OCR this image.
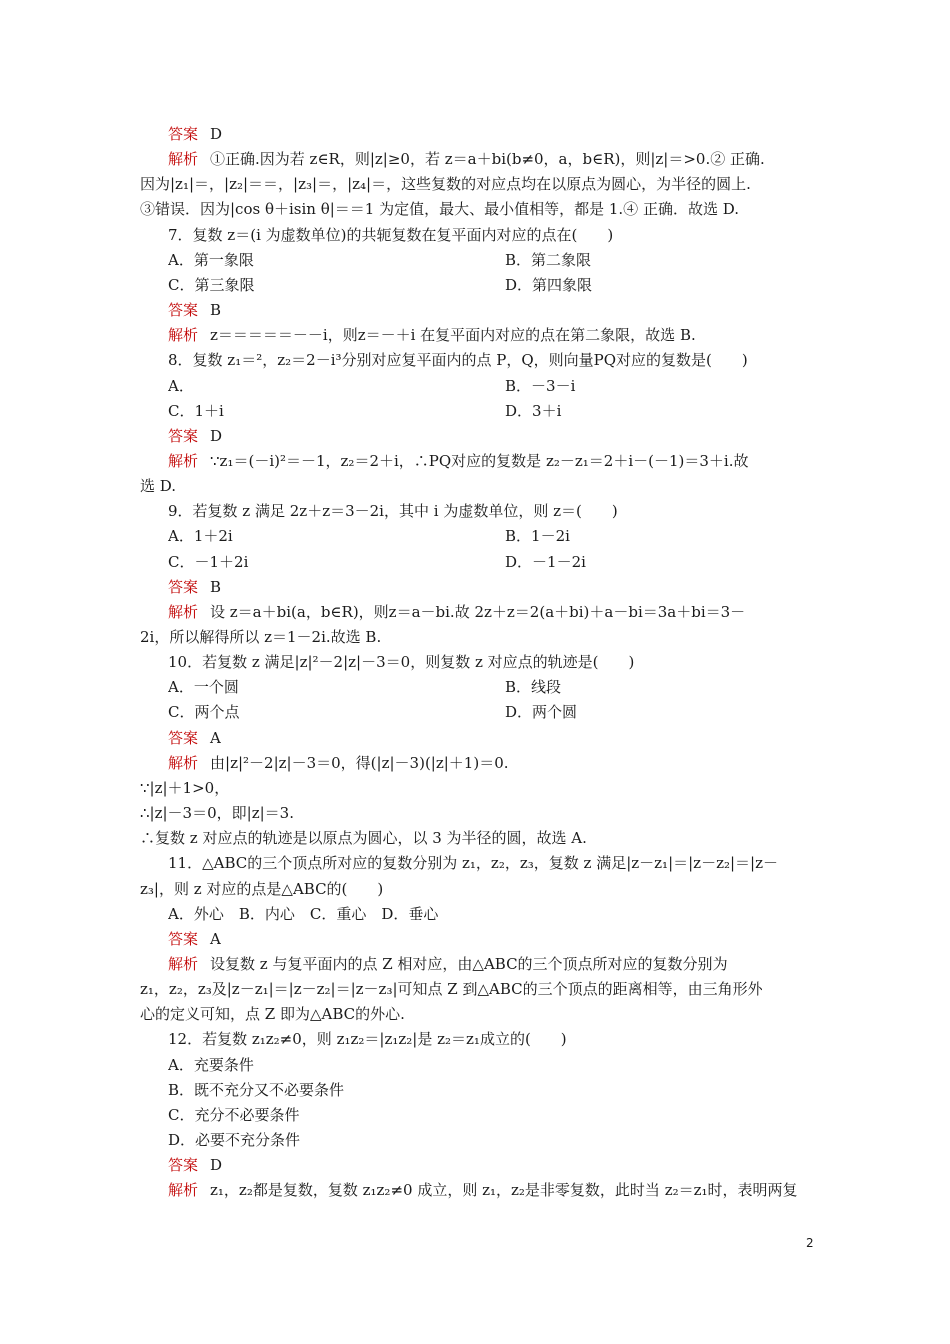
答案 D
解析 ①正确.因为若 z∈R，则|z|≥0，若 z＝a＋bi(b≠0，a，b∈R)，则|z|＝>0.② 正确.
因为|z₁|＝，|z₂|＝＝，|z₃|＝，|z₄|＝，这些复数的对应点均在以原点为圆心，为半径的圆上.
③错误．因为|cos θ＋isin θ|＝＝1 为定值，最大、最小值相等，都是 1.④ 正确．故选 D.
7．复数 z＝(i 为虚数单位)的共轭复数在复平面内对应的点在(　　)
A．第一象限	B．第二象限
C．第三象限	D．第四象限
答案 B
解析 z＝＝＝＝＝－－i，则z＝－＋i 在复平面内对应的点在第二象限，故选 B.
8．复数 z₁＝²，z₂＝2－i³分别对应复平面内的点 P，Q，则向量PQ对应的复数是(　　)
A．	B．－3－i
C．1＋i	D．3＋i
答案 D
解析 ∵z₁＝(－i)²＝－1，z₂＝2＋i，∴PQ对应的复数是 z₂－z₁＝2＋i－(－1)＝3＋i.故
选 D.
9．若复数 z 满足 2z＋z＝3－2i，其中 i 为虚数单位，则 z＝(　　)
A．1＋2i	B．1－2i
C．－1＋2i	D．－1－2i
答案 B
解析 设 z＝a＋bi(a，b∈R)，则z＝a－bi.故 2z＋z＝2(a＋bi)＋a－bi＝3a＋bi＝3－
2i，所以解得所以 z＝1－2i.故选 B.
10．若复数 z 满足|z|²－2|z|－3＝0，则复数 z 对应点的轨迹是(　　)
A．一个圆	B．线段
C．两个点	D．两个圆
答案 A
解析 由|z|²－2|z|－3＝0，得(|z|－3)(|z|＋1)＝0.
∵|z|＋1>0，
∴|z|－3＝0，即|z|＝3.
∴复数 z 对应点的轨迹是以原点为圆心，以 3 为半径的圆，故选 A.
11．△ABC的三个顶点所对应的复数分别为 z₁，z₂，z₃，复数 z 满足|z－z₁|＝|z－z₂|＝|z－
z₃|，则 z 对应的点是△ABC的(　　)
A．外心　B．内心　C．重心　D．垂心
答案 A
解析 设复数 z 与复平面内的点 Z 相对应，由△ABC的三个顶点所对应的复数分别为
z₁，z₂，z₃及|z－z₁|＝|z－z₂|＝|z－z₃|可知点 Z 到△ABC的三个顶点的距离相等，由三角形外
心的定义可知，点 Z 即为△ABC的外心.
12．若复数 z₁z₂≠0，则 z₁z₂＝|z₁z₂|是 z₂＝z₁成立的(　　)
A．充要条件
B．既不充分又不必要条件
C．充分不必要条件
D．必要不充分条件
答案 D
解析 z₁，z₂都是复数，复数 z₁z₂≠0 成立，则 z₁，z₂是非零复数，此时当 z₂＝z₁时，表明两复
2
